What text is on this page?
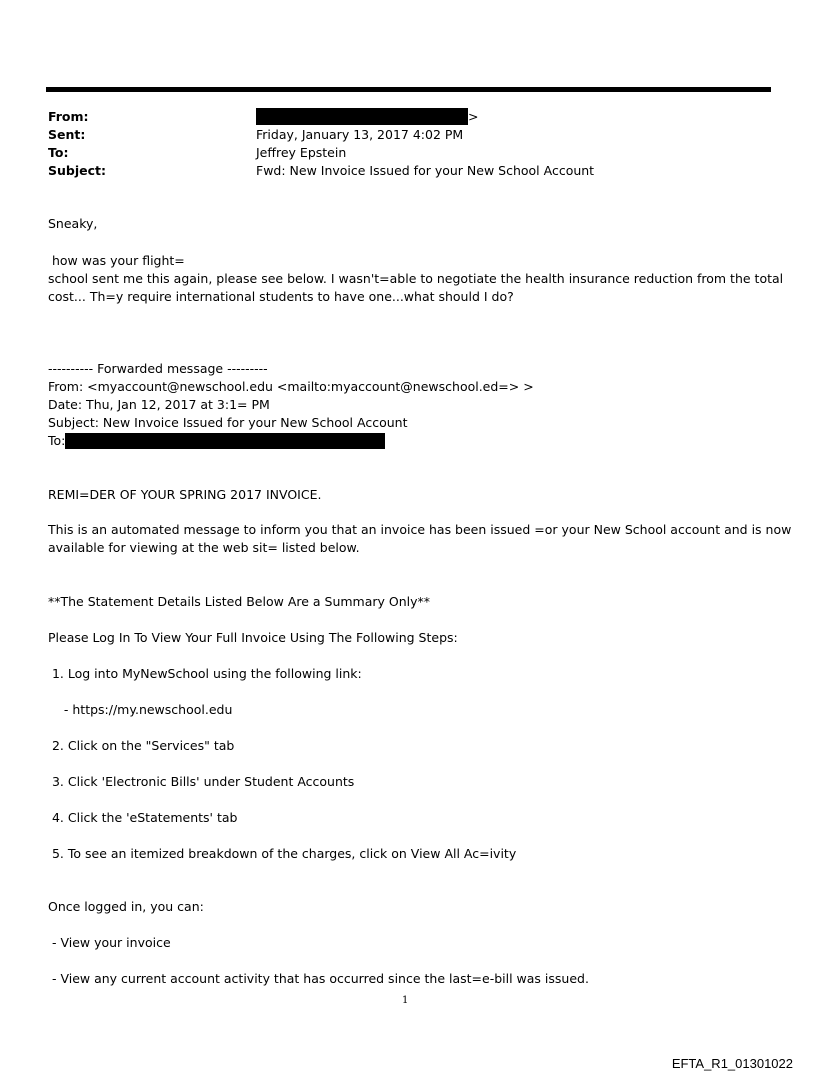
From:	>
Sent:	Friday, January 13, 2017 4:02 PM
To:	Jeffrey Epstein
Subject:	Fwd: New Invoice Issued for your New School Account
Sneaky,
how was your flight=
school sent me this again, please see below. I wasn't=able to negotiate the health insurance reduction from the total
cost... Th=y require international students to have one...what should I do?
---------- Forwarded message ---------
From: <myaccount@newschool.edu <mailto:myaccount@newschool.ed=> >
Date: Thu, Jan 12, 2017 at 3:1= PM
Subject: New Invoice Issued for your New School Account
To:
REMI=DER OF YOUR SPRING 2017 INVOICE.
This is an automated message to inform you that an invoice has been issued =or your New School account and is now
available for viewing at the web sit= listed below.
**The Statement Details Listed Below Are a Summary Only**
Please Log In To View Your Full Invoice Using The Following Steps:
1. Log into MyNewSchool using the following link:
- https://my.newschool.edu
2. Click on the "Services" tab
3. Click 'Electronic Bills' under Student Accounts
4. Click the 'eStatements' tab
5. To see an itemized breakdown of the charges, click on View All Ac=ivity
Once logged in, you can:
- View your invoice
- View any current account activity that has occurred since the last=e-bill was issued.
1
EFTA_R1_01301022
